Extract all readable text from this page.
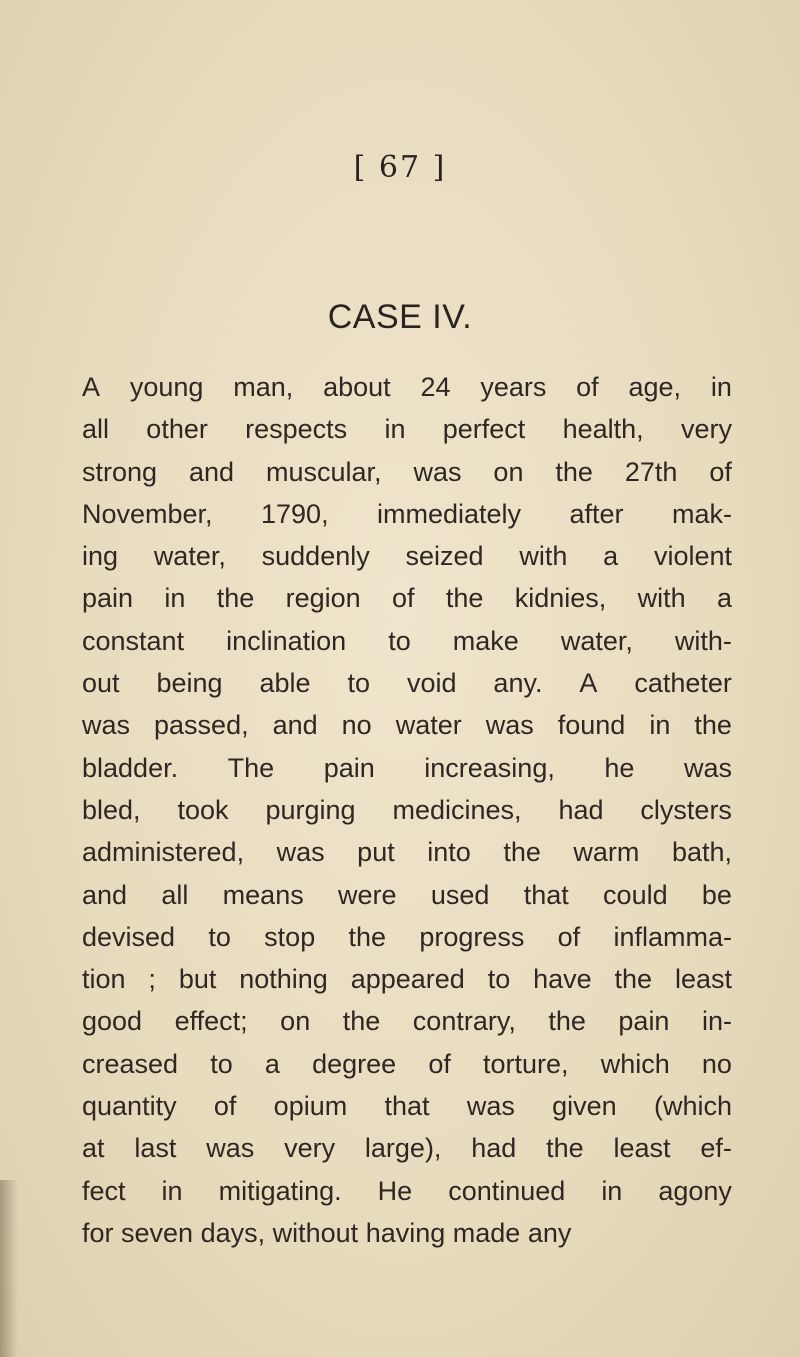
[ 67 ]
CASE IV.
A young man, about 24 years of age, in
all other respects in perfect health, very
strong and muscular, was on the 27th of
November, 1790, immediately after mak-
ing water, suddenly seized with a violent
pain in the region of the kidnies, with a
constant inclination to make water, with-
out being able to void any. A catheter
was passed, and no water was found in the
bladder. The pain increasing, he was
bled, took purging medicines, had clysters
administered, was put into the warm bath,
and all means were used that could be
devised to stop the progress of inflamma-
tion ; but nothing appeared to have the least
good effect; on the contrary, the pain in-
creased to a degree of torture, which no
quantity of opium that was given (which
at last was very large), had the least ef-
fect in mitigating. He continued in agony
for seven days, without having made any
